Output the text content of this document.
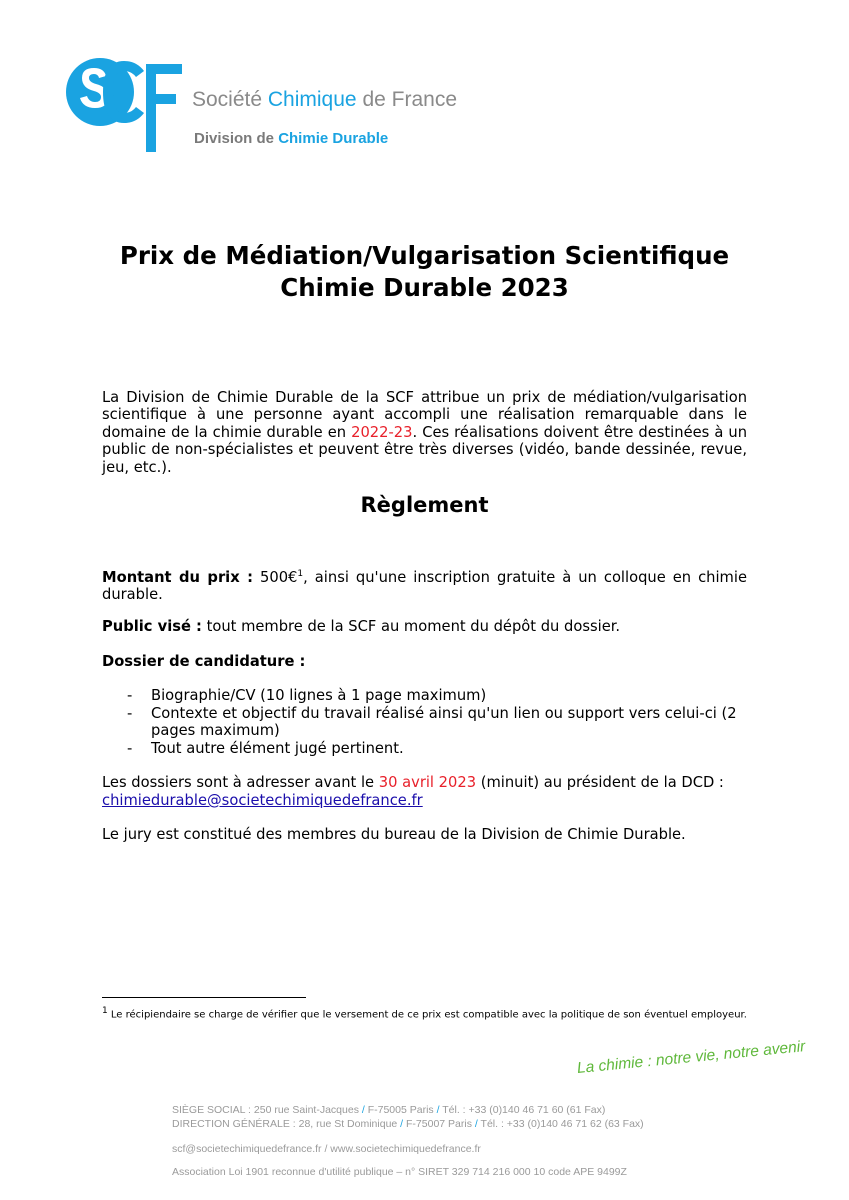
Société Chimique de France
Division de Chimie Durable
Prix de Médiation/Vulgarisation Scientifique
Chimie Durable 2023
La Division de Chimie Durable de la SCF attribue un prix de médiation/vulgarisation scientifique à une personne ayant accompli une réalisation remarquable dans le domaine de la chimie durable en 2022-23. Ces réalisations doivent être destinées à un public de non-spécialistes et peuvent être très diverses (vidéo, bande dessinée, revue, jeu, etc.).
Règlement
Montant du prix : 500€$^1$, ainsi qu'une inscription gratuite à un colloque en chimie durable.
Public visé : tout membre de la SCF au moment du dépôt du dossier.
Dossier de candidature :
- Biographie/CV (10 lignes à 1 page maximum)
- Contexte et objectif du travail réalisé ainsi qu'un lien ou support vers celui-ci (2 pages maximum)
- Tout autre élément jugé pertinent.
Les dossiers sont à adresser avant le 30 avril 2023 (minuit) au président de la DCD :
chimiedurable@societechimiquedefrance.fr
Le jury est constitué des membres du bureau de la Division de Chimie Durable.
$^1$ Le récipiendaire se charge de vérifier que le versement de ce prix est compatible avec la politique de son éventuel employeur.
La chimie : notre vie, notre avenir
SIÈGE SOCIAL : 250 rue Saint-Jacques / F-75005 Paris / Tél. : +33 (0)140 46 71 60 (61 Fax)
DIRECTION GÉNÉRALE : 28, rue St Dominique / F-75007 Paris / Tél. : +33 (0)140 46 71 62 (63 Fax)
scf@societechimiquedefrance.fr / www.societechimiquedefrance.fr
Association Loi 1901 reconnue d'utilité publique – n° SIRET 329 714 216 000 10 code APE 9499Z
